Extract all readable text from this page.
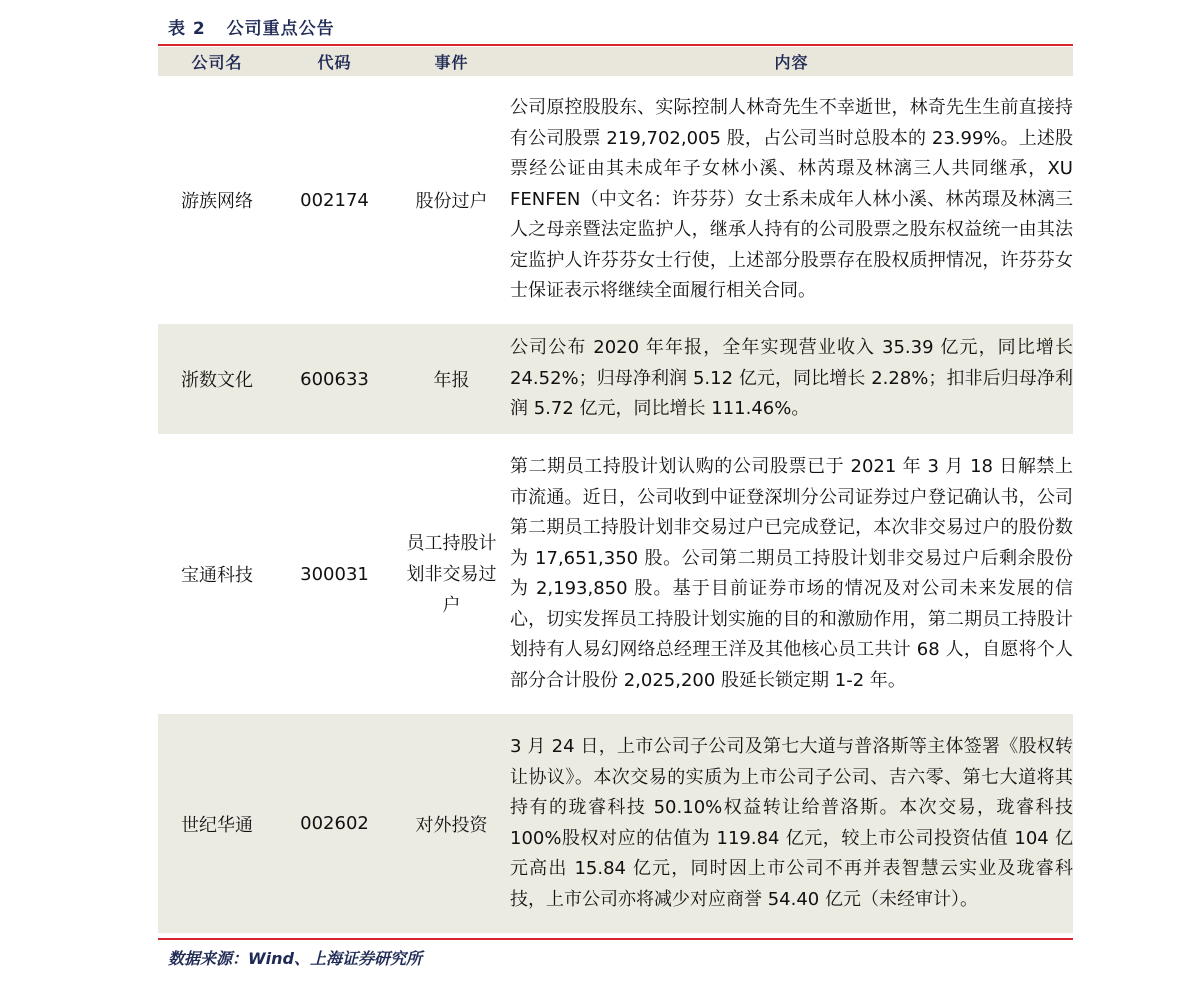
表 2 公司重点公告
公司名	代码	事件	内容
游族网络	002174	股份过户	公司原控股股东、实际控制人林奇先生不幸逝世，林奇先生生前直接持有公司股票 219,702,005 股，占公司当时总股本的 23.99%。上述股票经公证由其未成年子女林小溪、林芮璟及林漓三人共同继承，XU FENFEN（中文名：许芬芬）女士系未成年人林小溪、林芮璟及林漓三人之母亲暨法定监护人，继承人持有的公司股票之股东权益统一由其法定监护人许芬芬女士行使，上述部分股票存在股权质押情况，许芬芬女士保证表示将继续全面履行相关合同。
浙数文化	600633	年报	公司公布 2020 年年报，全年实现营业收入 35.39 亿元，同比增长 24.52%；归母净利润 5.12 亿元，同比增长 2.28%；扣非后归母净利润 5.72 亿元，同比增长 111.46%。
宝通科技	300031	员工持股计划非交易过户	第二期员工持股计划认购的公司股票已于 2021 年 3 月 18 日解禁上市流通。近日，公司收到中证登深圳分公司证券过户登记确认书，公司第二期员工持股计划非交易过户已完成登记，本次非交易过户的股份数为 17,651,350 股。公司第二期员工持股计划非交易过户后剩余股份为 2,193,850 股。基于目前证券市场的情况及对公司未来发展的信心，切实发挥员工持股计划实施的目的和激励作用，第二期员工持股计划持有人易幻网络总经理王洋及其他核心员工共计 68 人，自愿将个人部分合计股份 2,025,200 股延长锁定期 1-2 年。
世纪华通	002602	对外投资	3 月 24 日，上市公司子公司及第七大道与普洛斯等主体签署《股权转让协议》。本次交易的实质为上市公司子公司、吉六零、第七大道将其持有的珑睿科技 50.10%权益转让给普洛斯。本次交易，珑睿科技 100%股权对应的估值为 119.84 亿元，较上市公司投资估值 104 亿元高出 15.84 亿元，同时因上市公司不再并表智慧云实业及珑睿科技，上市公司亦将减少对应商誉 54.40 亿元（未经审计）。
数据来源：Wind、上海证券研究所
